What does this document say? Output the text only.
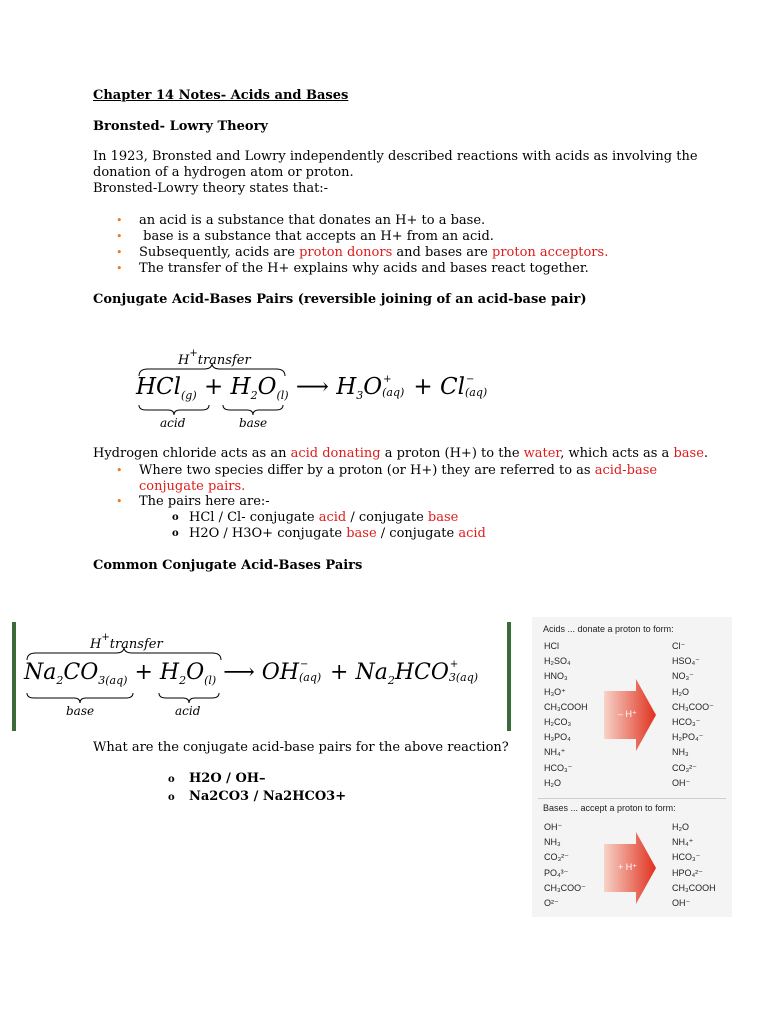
Chapter 14 Notes- Acids and Bases
Bronsted- Lowry Theory
In 1923, Bronsted and Lowry independently described reactions with acids as involving the
donation of a hydrogen atom or proton.
Bronsted-Lowry theory states that:-
• an acid is a substance that donates an H+ to a base.
• base is a substance that accepts an H+ from an acid.
• Subsequently, acids are proton donors and bases are proton acceptors.
• The transfer of the H+ explains why acids and bases react together.
Conjugate Acid-Bases Pairs (reversible joining of an acid-base pair)
H+transfer
$HCl_{(g)} + H_2O_{(l)}$ ⟶ $H_3O$ +
(aq) + Cl −
(aq)
acid	base
Hydrogen chloride acts as an acid donating a proton (H+) to the water, which acts as a base.
• Where two species differ by a proton (or H+) they are referred to as acid-base
conjugate pairs.
• The pairs here are:-
o HCl / Cl- conjugate acid / conjugate base
o H2O / H3O+ conjugate base / conjugate acid
Common Conjugate Acid-Bases Pairs
H+transfer
$Na_2CO_{3(aq)} + H_2O_{(l)}$ ⟶ OH −
$(aq) + Na_2HCO$ +
3(aq)
base	acid
What are the conjugate acid-base pairs for the above reaction?
o H2O / OH–
o Na2CO3 / Na2HCO3+
Acids ... donate a proton to form:
HCl
H₂SO₄
HNO₃
H₃O⁺
CH₃COOH
H₂CO₃
H₃PO₄
NH₄⁺
HCO₃⁻
H₂O
– H⁺
Cl⁻
HSO₄⁻
NO₃⁻
H₂O
CH₃COO⁻
HCO₃⁻
H₂PO₄⁻
NH₃
CO₃²⁻
OH⁻
Bases ... accept a proton to form:
OH⁻
NH₃
CO₃²⁻
PO₄³⁻
CH₃COO⁻
O²⁻
+ H⁺
H₂O
NH₄⁺
HCO₃⁻
HPO₄²⁻
CH₃COOH
OH⁻
